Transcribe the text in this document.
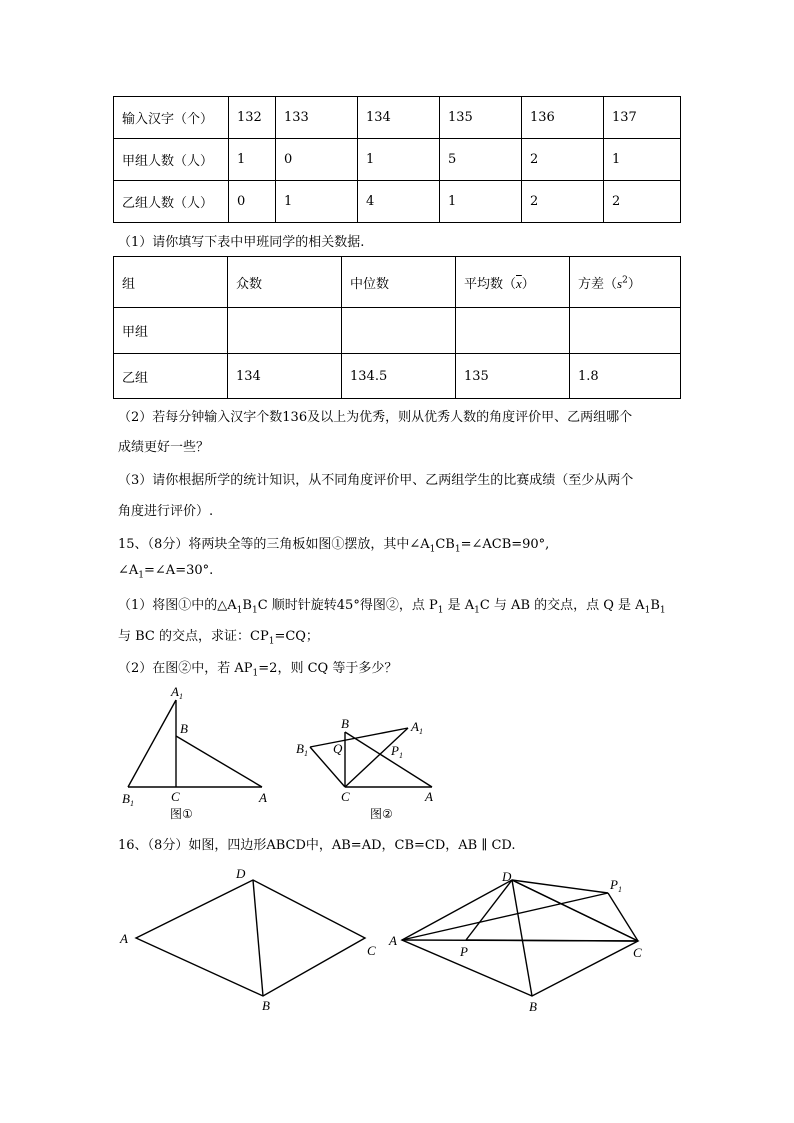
输入汉字（个）	132	133	134	135	136	137
甲组人数（人）	1	0	1	5	2	1
乙组人数（人）	0	1	4	1	2	2
（1）请你填写下表中甲班同学的相关数据.
组	众数	中位数	平均数$(\overline{x})$	方差$(s^2)$
甲组				
乙组	134	134.5	135	1.8
（2）若每分钟输入汉字个数136及以上为优秀，则从优秀人数的角度评价甲、乙两组哪个
成绩更好一些？
（3）请你根据所学的统计知识，从不同角度评价甲、乙两组学生的比赛成绩（至少从两个
角度进行评价）.
15、（8分）将两块全等的三角板如图①摆放，其中$\angle A_1CB_1=\angle ACB=90^\circ$,
$\angle A_1=\angle A=30^\circ$.
（1）将图①中的$\triangle A_1B_1C$ 顺时针旋转45°得图②，点 $P_1$ 是 $A_1C$ 与 AB 的交点，点 Q 是 $A_1B_1$
与 BC 的交点，求证：$CP_1=CQ$；
（2）在图②中，若 $AP_1=2$，则 CQ 等于多少？
16、（8分）如图，四边形ABCD中，AB=AD，CB=CD，AB ∥ CD.
$A_1$
B
$B_1$	C	A
图①
B	$A_1$
$B_1$ Q	$P_1$
C	A
图②
D
A
C
B
D
$P_1$
A
P	C
B
